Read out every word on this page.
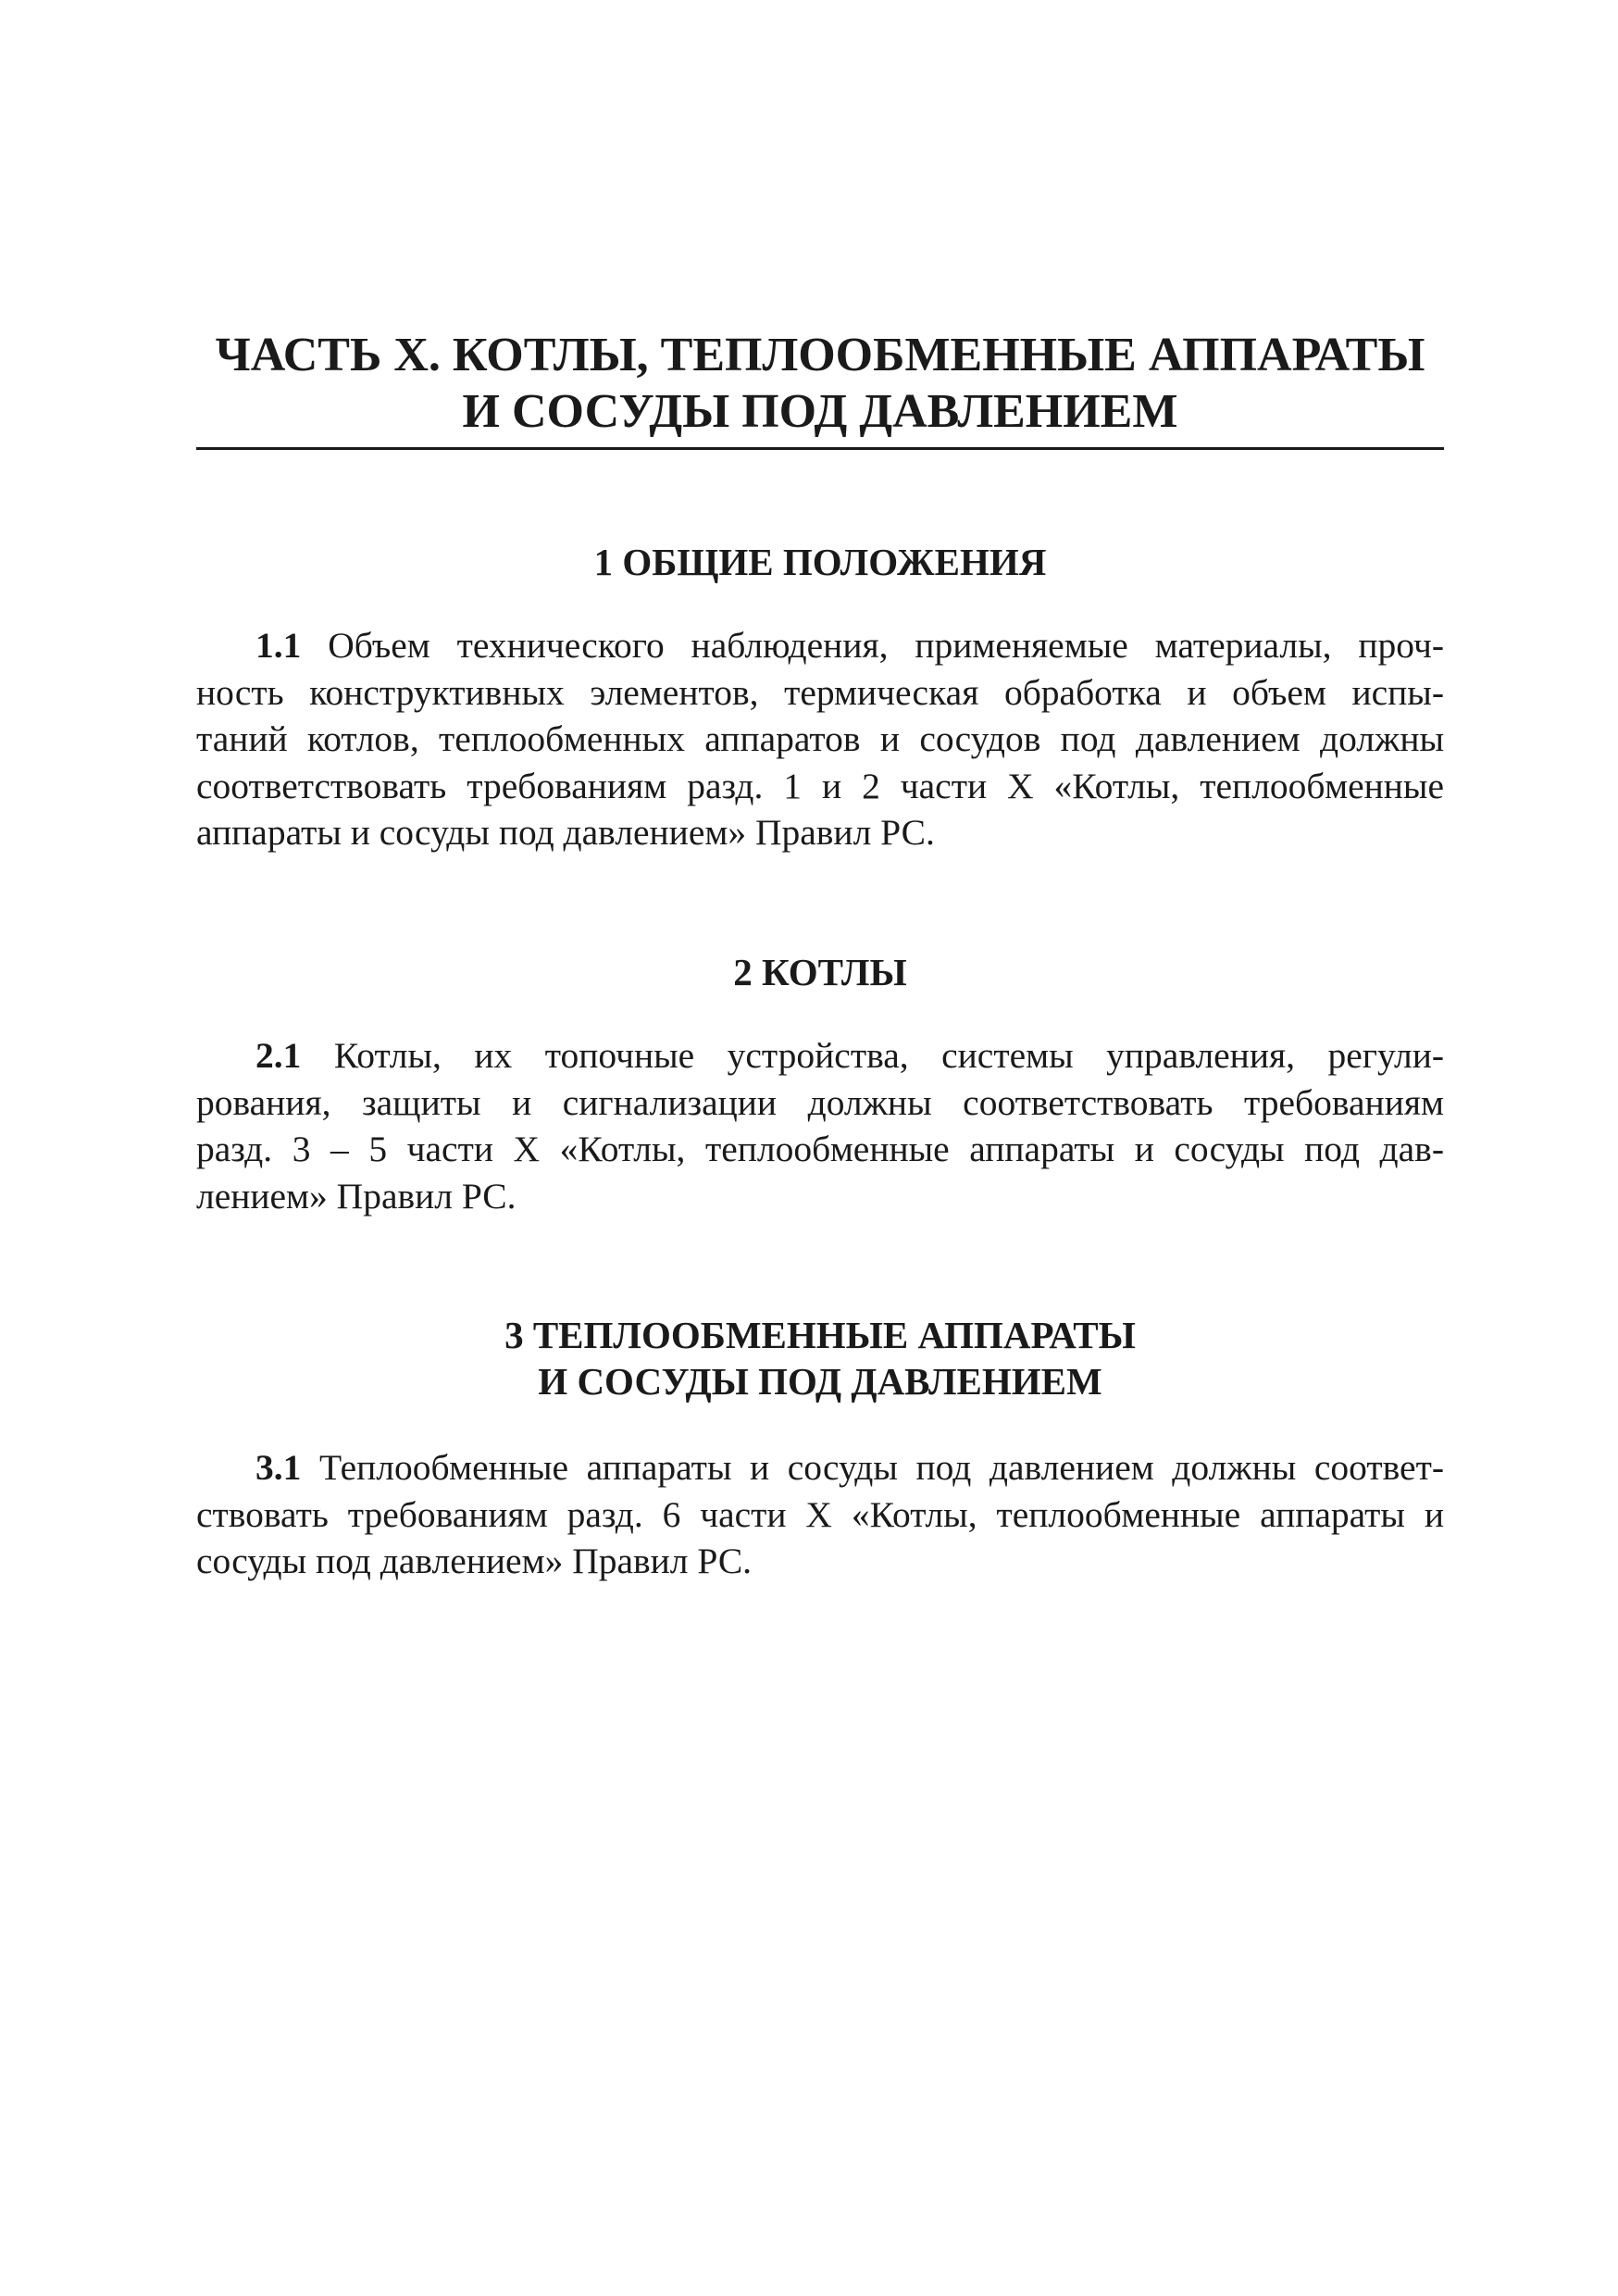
ЧАСТЬ X. КОТЛЫ, ТЕПЛООБМЕННЫЕ АППАРАТЫ
И СОСУДЫ ПОД ДАВЛЕНИЕМ
1 ОБЩИЕ ПОЛОЖЕНИЯ

1.1 Объем технического наблюдения, применяемые материалы, проч-
ность конструктивных элементов, термическая обработка и объем испы-
таний котлов, теплообменных аппаратов и сосудов под давлением должны
соответствовать требованиям разд. 1 и 2 части X «Котлы, теплообменные
аппараты и сосуды под давлением» Правил РС.

2 КОТЛЫ

2.1 Котлы, их топочные устройства, системы управления, регули-
рования, защиты и сигнализации должны соответствовать требованиям
разд. 3 – 5 части X «Котлы, теплообменные аппараты и сосуды под дав-
лением» Правил РС.

3 ТЕПЛООБМЕННЫЕ АППАРАТЫ
И СОСУДЫ ПОД ДАВЛЕНИЕМ

3.1 Теплообменные аппараты и сосуды под давлением должны соответ-
ствовать требованиям разд. 6 части X «Котлы, теплообменные аппараты и
сосуды под давлением» Правил РС.
